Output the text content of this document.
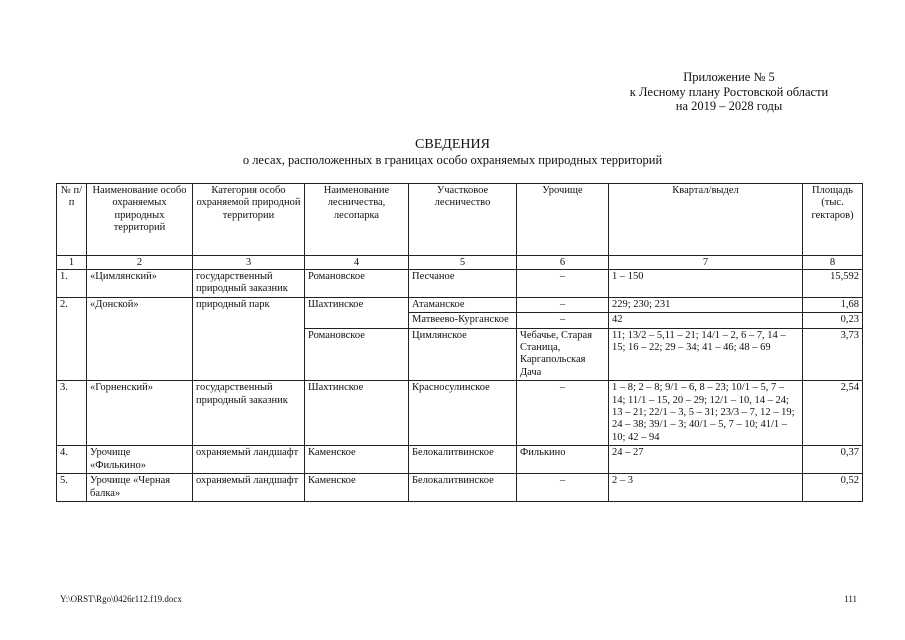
Приложение № 5
к Лесному плану Ростовской области
на 2019 – 2028 годы
СВЕДЕНИЯ
о лесах, расположенных в границах особо охраняемых природных территорий
№ п/п	Наименование особо охраняемых природных территорий	Категория особо охраняемой природной территории	Наименование лесничества, лесопарка	Участковое лесничество	Урочище	Квартал/выдел	Площадь (тыс. гектаров)
1	2	3	4	5	6	7	8
1.	«Цимлянский»	государственный природный заказник	Романовское	Песчаное	–	1 – 150	15,592
2.	«Донской»	природный парк	Шахтинское	Атаманское	–	229; 230; 231	1,68
				Матвеево-Курганское	–	42	0,23
			Романовское	Цимлянское	Чебачье, Старая Станица, Каргапольская Дача	11; 13/2 – 5,11 – 21; 14/1 – 2, 6 – 7, 14 – 15; 16 – 22; 29 – 34; 41 – 46; 48 – 69	3,73
3.	«Горненский»	государственный природный заказник	Шахтинское	Красносулинское	–	1 – 8; 2 – 8; 9/1 – 6, 8 – 23; 10/1 – 5, 7 – 14; 11/1 – 15, 20 – 29; 12/1 – 10, 14 – 24; 13 – 21; 22/1 – 3, 5 – 31; 23/3 – 7, 12 – 19; 24 – 38; 39/1 – 3; 40/1 – 5, 7 – 10; 41/1 – 10; 42 – 94	2,54
4.	Урочище «Филькино»	охраняемый ландшафт	Каменское	Белокалитвинское	Филькино	24 – 27	0,37
5.	Урочище «Черная балка»	охраняемый ландшафт	Каменское	Белокалитвинское	–	2 – 3	0,52
Y:\ORST\Rgo\0426r112.f19.docx	111
